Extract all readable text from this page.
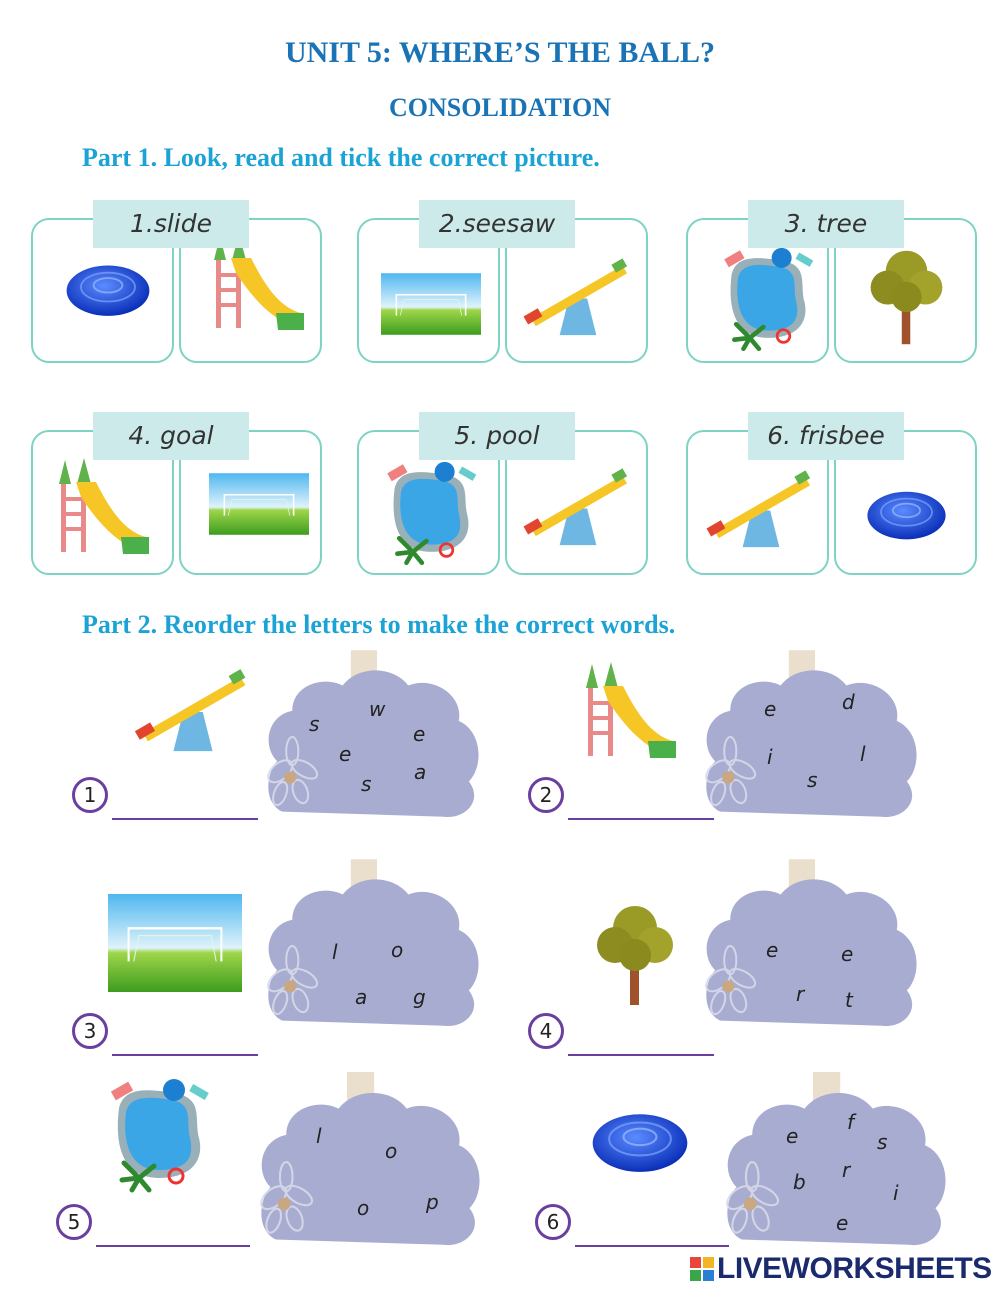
UNIT 5: WHERE’S THE BALL?
CONSOLIDATION
Part 1. Look, read and tick the correct picture.
1.slide	2.seesaw	3. tree
4. goal	5. pool	6. frisbee
Part 2. Reorder the letters to make the correct words.
s
w
e
e
s a
1
e	d
i	l
s
2
l	o
a g
3
e	e
r t
4
l
o
o	p
5
e
f
s
b r
i
e
6
LIVEWORKSHEETS
